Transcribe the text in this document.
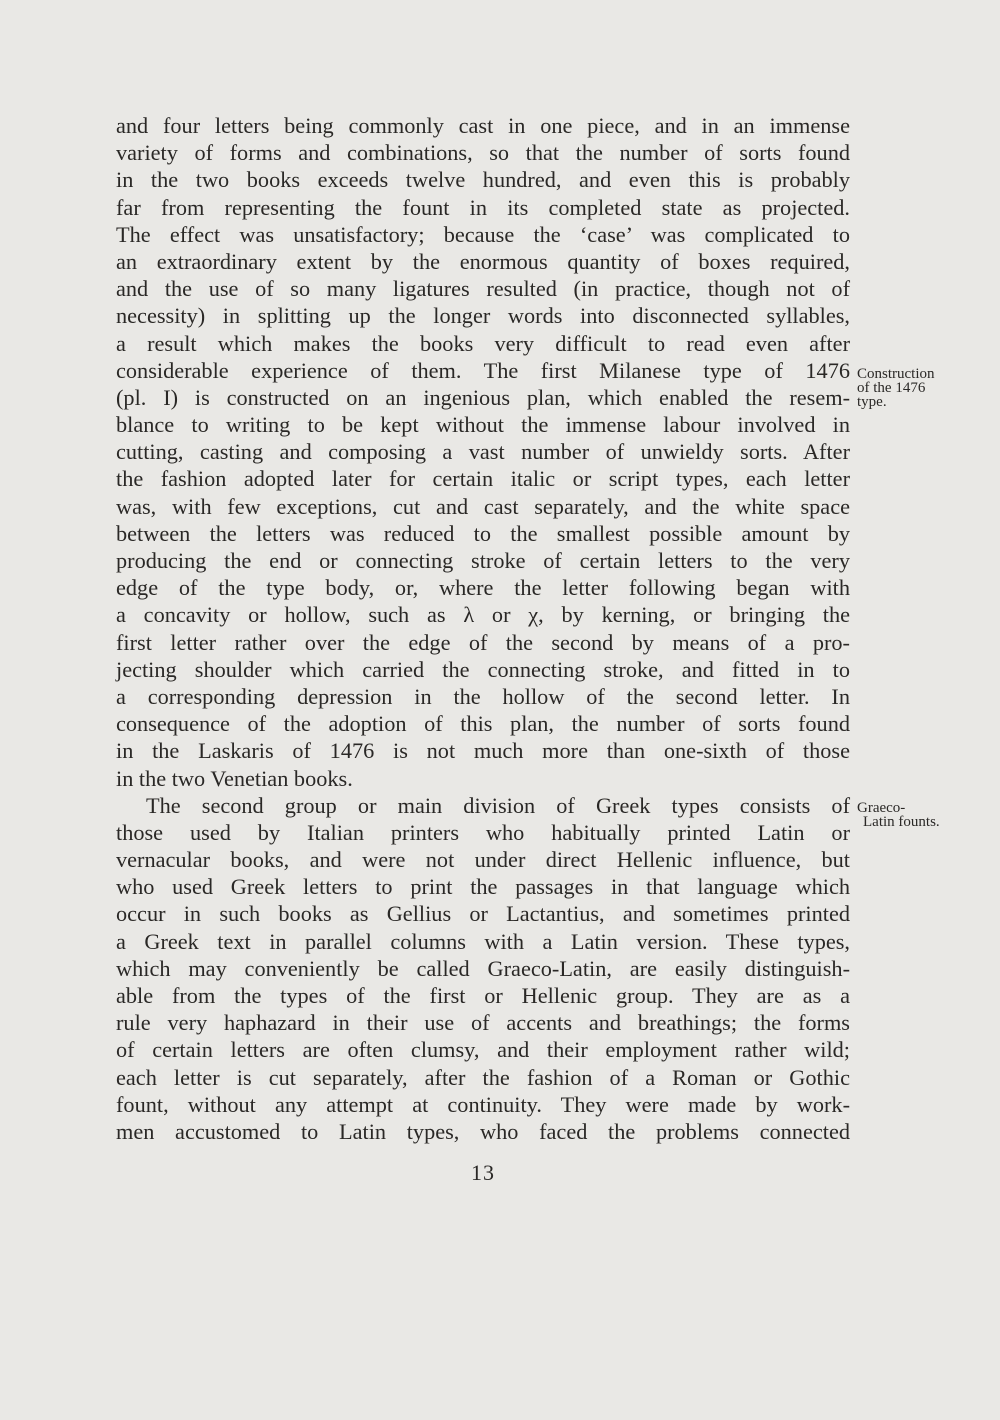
and four letters being commonly cast in one piece, and in an immense
variety of forms and combinations, so that the number of sorts found
in the two books exceeds twelve hundred, and even this is probably
far from representing the fount in its completed state as projected.
The effect was unsatisfactory; because the ‘case’ was complicated to
an extraordinary extent by the enormous quantity of boxes required,
and the use of so many ligatures resulted (in practice, though not of
necessity) in splitting up the longer words into disconnected syllables,
a result which makes the books very difficult to read even after
considerable experience of them. The first Milanese type of 1476
(pl. I) is constructed on an ingenious plan, which enabled the resem-
blance to writing to be kept without the immense labour involved in
cutting, casting and composing a vast number of unwieldy sorts. After
the fashion adopted later for certain italic or script types, each letter
was, with few exceptions, cut and cast separately, and the white space
between the letters was reduced to the smallest possible amount by
producing the end or connecting stroke of certain letters to the very
edge of the type body, or, where the letter following began with
a concavity or hollow, such as λ or χ, by kerning, or bringing the
first letter rather over the edge of the second by means of a pro-
jecting shoulder which carried the connecting stroke, and fitted in to
a corresponding depression in the hollow of the second letter. In
consequence of the adoption of this plan, the number of sorts found
in the Laskaris of 1476 is not much more than one-sixth of those
in the two Venetian books.
The second group or main division of Greek types consists of
those used by Italian printers who habitually printed Latin or
vernacular books, and were not under direct Hellenic influence, but
who used Greek letters to print the passages in that language which
occur in such books as Gellius or Lactantius, and sometimes printed
a Greek text in parallel columns with a Latin version. These types,
which may conveniently be called Graeco-Latin, are easily distinguish-
able from the types of the first or Hellenic group. They are as a
rule very haphazard in their use of accents and breathings; the forms
of certain letters are often clumsy, and their employment rather wild;
each letter is cut separately, after the fashion of a Roman or Gothic
fount, without any attempt at continuity. They were made by work-
men accustomed to Latin types, who faced the problems connected
Construction
of the 1476
type.
Graeco-
Latin founts.
13
